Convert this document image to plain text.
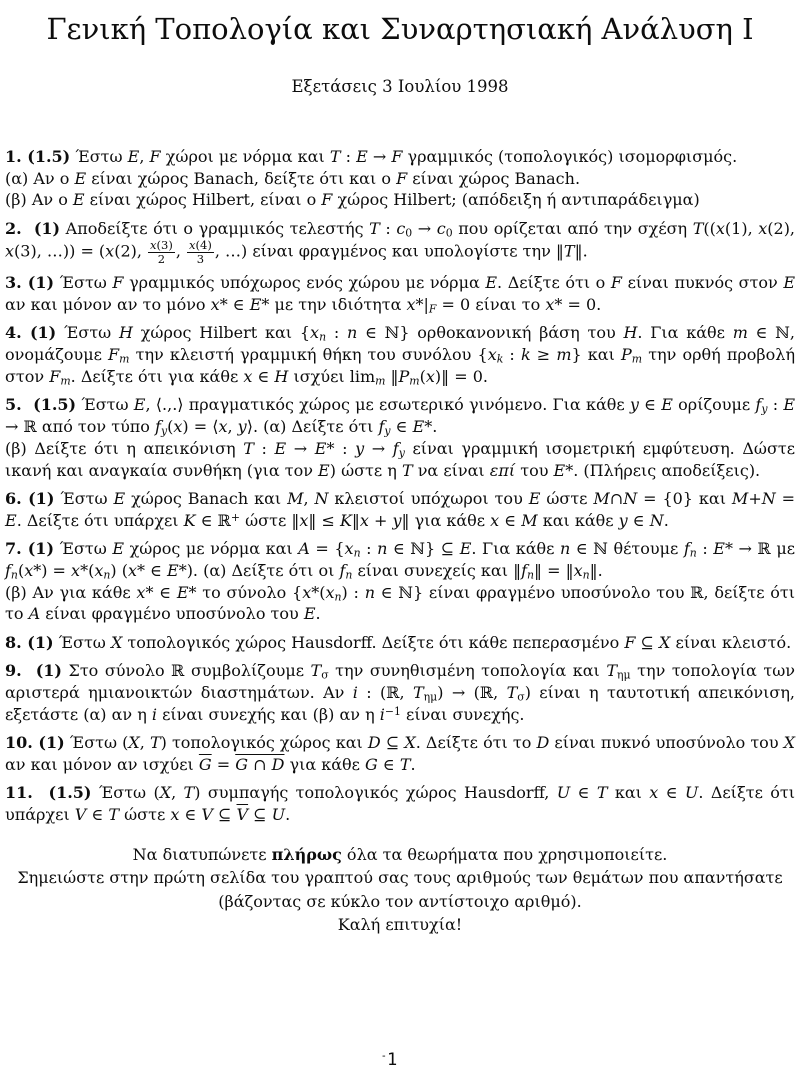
Γενική Τοπολογία και Συναρτησιακή Ανάλυση I
Εξετάσεις 3 Ιουλίου 1998

1. (1.5) Έστω E, F χώροι με νόρμα και T : E → F γραμμικός (τοπολογικός) ισομορφισμός.
(α) Αν ο E είναι χώρος Banach, δείξτε ότι και ο F είναι χώρος Banach.
(β) Αν ο E είναι χώρος Hilbert, είναι ο F χώρος Hilbert; (απόδειξη ή αντιπαράδειγμα)

2.  (1) Αποδείξτε ότι ο γραμμικός τελεστής T : $c_0 \to c_0$ που ορίζεται από την σχέση T((x(1), x(2), x(3), …)) = (x(2), $\frac{x(3)}{2}$ , $\frac{x(4)}{3}$ , …) είναι φραγμένος και υπολογίστε την ‖T‖.

3. (1) Έστω F γραμμικός υπόχωρος ενός χώρου με νόρμα E. Δείξτε ότι ο F είναι πυκνός στον E αν και μόνον αν το μόνο x* ∈ E* με την ιδιότητα $x*|_F = 0$ είναι το x* = 0.

4. (1) Έστω H χώρος Hilbert και {$x_n$ : n ∈ ℕ} ορθοκανονική βάση του H. Για κάθε m ∈ ℕ, ονομάζουμε $F_m$ την κλειστή γραμμική θήκη του συνόλου {$x_k$ : k ≥ m} και $P_m$ την ορθή προβολή στον $F_m$. Δείξτε ότι για κάθε x ∈ H ισχύει $\lim_m$ $‖P_m(x)‖ = 0$.

5.  (1.5) Έστω E, ⟨.,.⟩ πραγματικός χώρος με εσωτερικό γινόμενο. Για κάθε y ∈ E ορίζουμε $f_y$ : E → ℝ από τον τύπο $f_y(x)$ = ⟨x, y⟩. (α) Δείξτε ότι $f_y$ ∈ E*.
(β) Δείξτε ότι η απεικόνιση T : E → E* : $y \to f_y$ είναι γραμμική ισομετρική εμφύτευση. Δώστε ικανή και αναγκαία συνθήκη (για τον E) ώστε η T να είναι επί του E*. (Πλήρεις αποδείξεις).

6. (1) Έστω E χώρος Banach και M, N κλειστοί υπόχωροι του E ώστε M∩N = {0} και M+N = E. Δείξτε ότι υπάρχει K ∈ ℝ+ ώστε ‖x‖ ≤ K‖x + y‖ για κάθε x ∈ M και κάθε y ∈ N.

7. (1) Έστω E χώρος με νόρμα και $A = \{x_n$ : n ∈ ℕ} ⊆ E. Για κάθε n ∈ ℕ θέτουμε $f_n$ : E* → ℝ με $f_n(x*) = x*(x_n)$ (x* ∈ E*). (α) Δείξτε ότι οι $f_n$ είναι συνεχείς και $‖f_n‖$ = $‖x_n‖$.
(β) Αν για κάθε x* ∈ E* το σύνολο {$x*(x_n)$ : n ∈ ℕ} είναι φραγμένο υποσύνολο του ℝ, δείξτε ότι το A είναι φραγμένο υποσύνολο του E.

8. (1) Έστω X τοπολογικός χώρος Hausdorff. Δείξτε ότι κάθε πεπερασμένο F ⊆ X είναι κλειστό.

9.  (1) Στο σύνολο ℝ συμβολίζουμε $T_\sigma$ την συνηθισμένη τοπολογία και $T_{\eta\mu}$ την τοπολογία των αριστερά ημιανοικτών διαστημάτων. Αν i : (ℝ, $T_{\eta\mu}$) → (ℝ, $T_\sigma$) είναι η ταυτοτική απεικόνιση, εξετάστε (α) αν η i είναι συνεχής και (β) αν η $i^{-1}$ είναι συνεχής.

10. (1) Έστω (X, T) τοπολογικός χώρος και D ⊆ X. Δείξτε ότι το D είναι πυκνό υποσύνολο του X αν και μόνον αν ισχύει $\overline{G} = G$ ∩ D για κάθε G ∈ T.

11.  (1.5) Έστω (X, T) συμπαγής τοπολογικός χώρος Hausdorff, U ∈ T και x ∈ U. Δείξτε ότι υπάρχει V ∈ T ώστε x ∈ V ⊆ $\overline{V}$ ⊆ U.

Να διατυπώνετε πλήρως όλα τα θεωρήματα που χρησιμοποιείτε.
Σημειώστε στην πρώτη σελίδα του γραπτού σας τους αριθμούς των θεμάτων που απαντήσατε
(βάζοντας σε κύκλο τον αντίστοιχο αριθμό).
Καλή επιτυχία!
-1
